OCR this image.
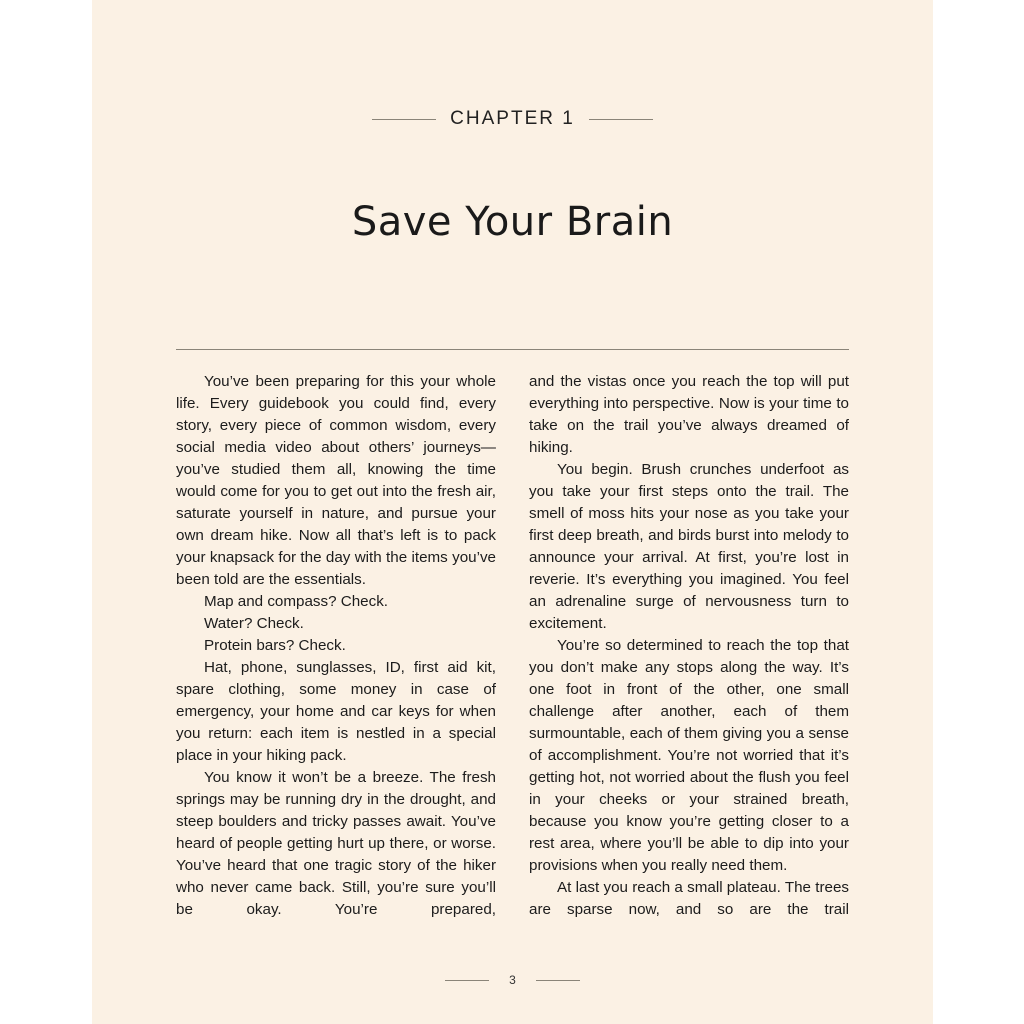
CHAPTER 1
Save Your Brain

You’ve been preparing for this your whole life. Every guidebook you could find, every story, every piece of common wisdom, every social media video about others’ journeys—you’ve studied them all, knowing the time would come for you to get out into the fresh air, saturate yourself in nature, and pursue your own dream hike. Now all that’s left is to pack your knapsack for the day with the items you’ve been told are the essentials.

Map and compass? Check.

Water? Check.

Protein bars? Check.

Hat, phone, sunglasses, ID, first aid kit, spare clothing, some money in case of emergency, your home and car keys for when you return: each item is nestled in a special place in your hiking pack.

You know it won’t be a breeze. The fresh springs may be running dry in the drought, and steep boulders and tricky passes await. You’ve heard of people getting hurt up there, or worse. You’ve heard that one tragic story of the hiker who never came back. Still, you’re sure you’ll be okay. You’re prepared,

and the vistas once you reach the top will put everything into perspective. Now is your time to take on the trail you’ve always dreamed of hiking.

You begin. Brush crunches underfoot as you take your first steps onto the trail. The smell of moss hits your nose as you take your first deep breath, and birds burst into melody to announce your arrival. At first, you’re lost in reverie. It’s everything you imagined. You feel an adrenaline surge of nervousness turn to excitement.

You’re so determined to reach the top that you don’t make any stops along the way. It’s one foot in front of the other, one small challenge after another, each of them surmountable, each of them giving you a sense of accomplishment. You’re not worried that it’s getting hot, not worried about the flush you feel in your cheeks or your strained breath, because you know you’re getting closer to a rest area, where you’ll be able to dip into your provisions when you really need them.

At last you reach a small plateau. The trees are sparse now, and so are the trail

3
